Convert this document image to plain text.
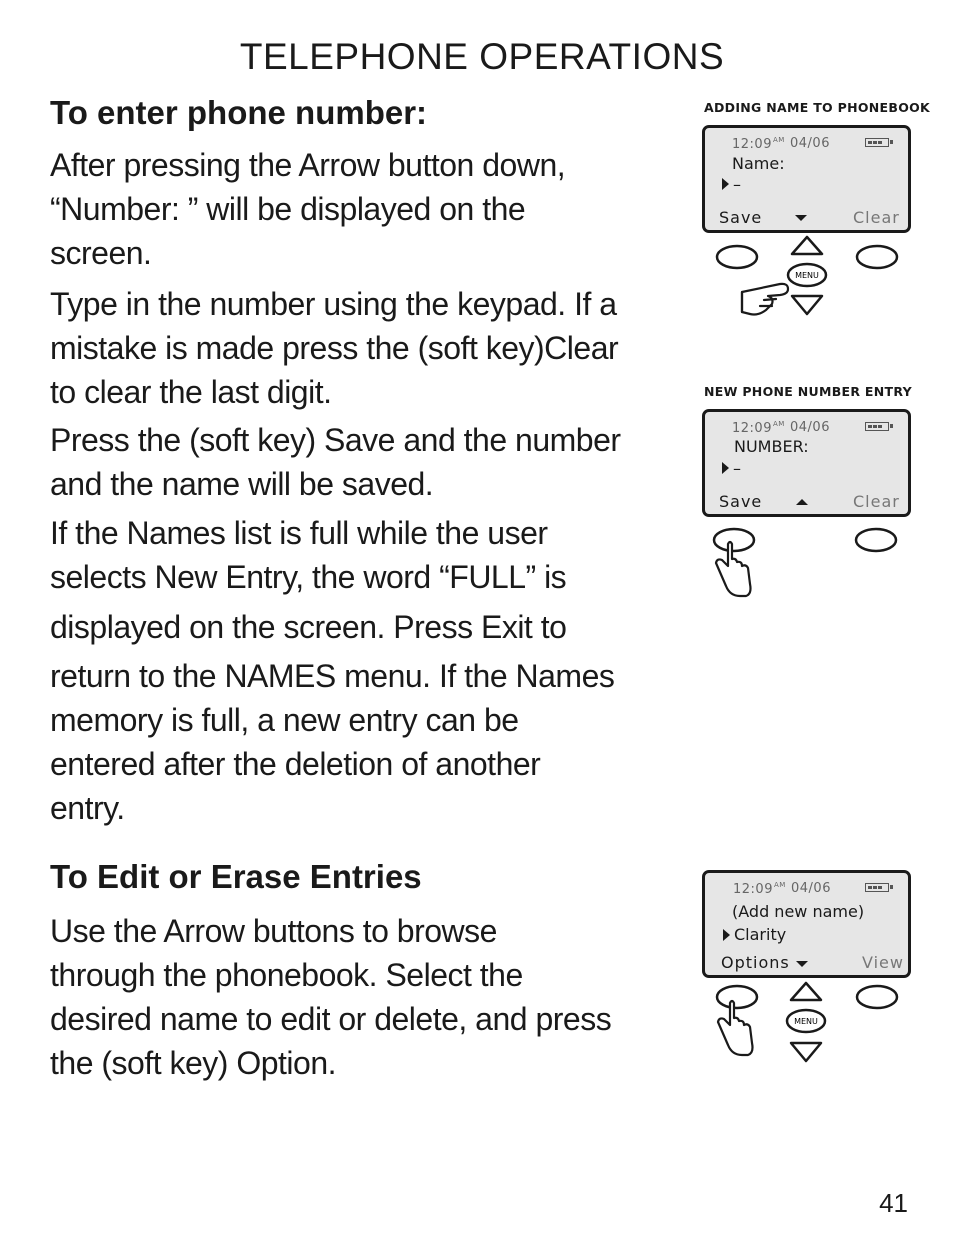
TELEPHONE OPERATIONS
To enter phone number:
After pressing the Arrow button down,
“Number: ” will be displayed on the
screen.
Type in the number using the keypad. If a
mistake is made press the (soft key)Clear
to clear the last digit.
Press the (soft key) Save and the number
and the name will be saved.
If the Names list is full while the user
selects New Entry, the word “FULL” is
displayed on the screen. Press Exit to
return to the NAMES menu. If the Names
memory is full, a new entry can be
entered after the deletion of another
entry.
To Edit or Erase Entries
Use the Arrow buttons to browse
through the phonebook. Select the
desired name to edit or delete, and press
the (soft key) Option.
ADDING NAME TO PHONEBOOK
$12:09^{AM}$ 04/06
Name:
–
Save	Clear
MENU
NEW PHONE NUMBER ENTRY
$12:09^{AM}$ 04/06
NUMBER:
–
Save	Clear
$12:09^{AM}$ 04/06
(Add new name)
Clarity
Options	View
MENU
41
